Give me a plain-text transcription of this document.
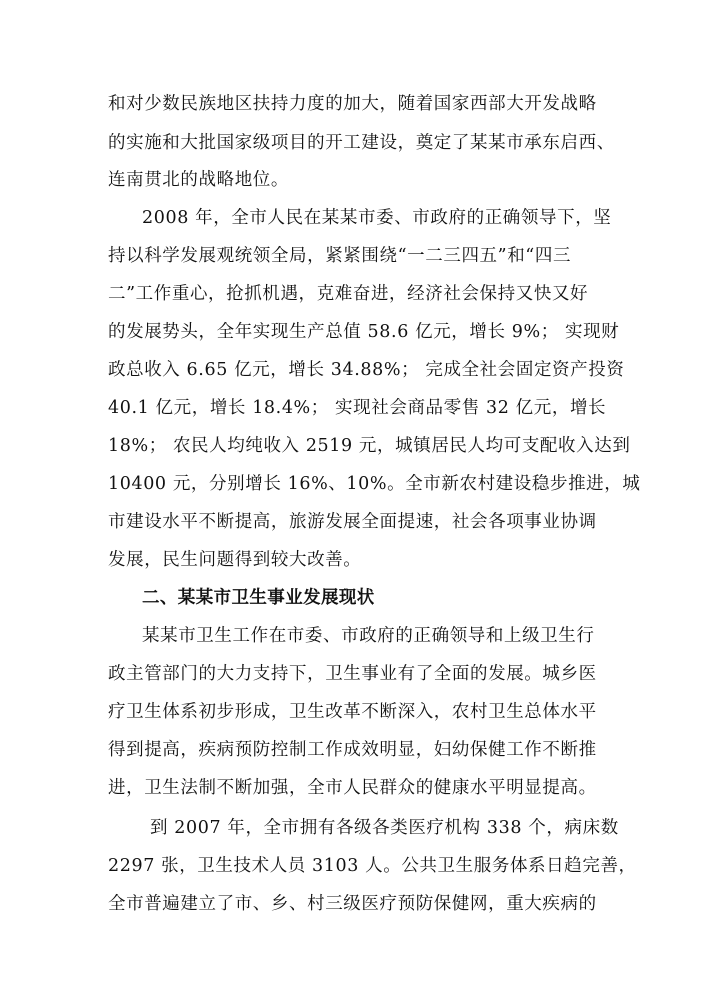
和对少数民族地区扶持力度的加大，随着国家西部大开发战略
的实施和大批国家级项目的开工建设，奠定了某某市承东启西、
连南贯北的战略地位。
2008 年，全市人民在某某市委、市政府的正确领导下，坚
持以科学发展观统领全局，紧紧围绕“一二三四五”和“四三
二”工作重心，抢抓机遇，克难奋进，经济社会保持又快又好
的发展势头，全年实现生产总值 58.6 亿元，增长 9%； 实现财
政总收入 6.65 亿元，增长 34.88%； 完成全社会固定资产投资
40.1 亿元，增长 18.4%； 实现社会商品零售 32 亿元，增长
18%； 农民人均纯收入 2519 元，城镇居民人均可支配收入达到
10400 元，分别增长 16%、10%。全市新农村建设稳步推进，城
市建设水平不断提高，旅游发展全面提速，社会各项事业协调
发展，民生问题得到较大改善。
二、某某市卫生事业发展现状
某某市卫生工作在市委、市政府的正确领导和上级卫生行
政主管部门的大力支持下，卫生事业有了全面的发展。城乡医
疗卫生体系初步形成，卫生改革不断深入，农村卫生总体水平
得到提高，疾病预防控制工作成效明显，妇幼保健工作不断推
进，卫生法制不断加强，全市人民群众的健康水平明显提高。
到 2007 年，全市拥有各级各类医疗机构 338 个，病床数
2297 张，卫生技术人员 3103 人。公共卫生服务体系日趋完善，
全市普遍建立了市、乡、村三级医疗预防保健网，重大疾病的
